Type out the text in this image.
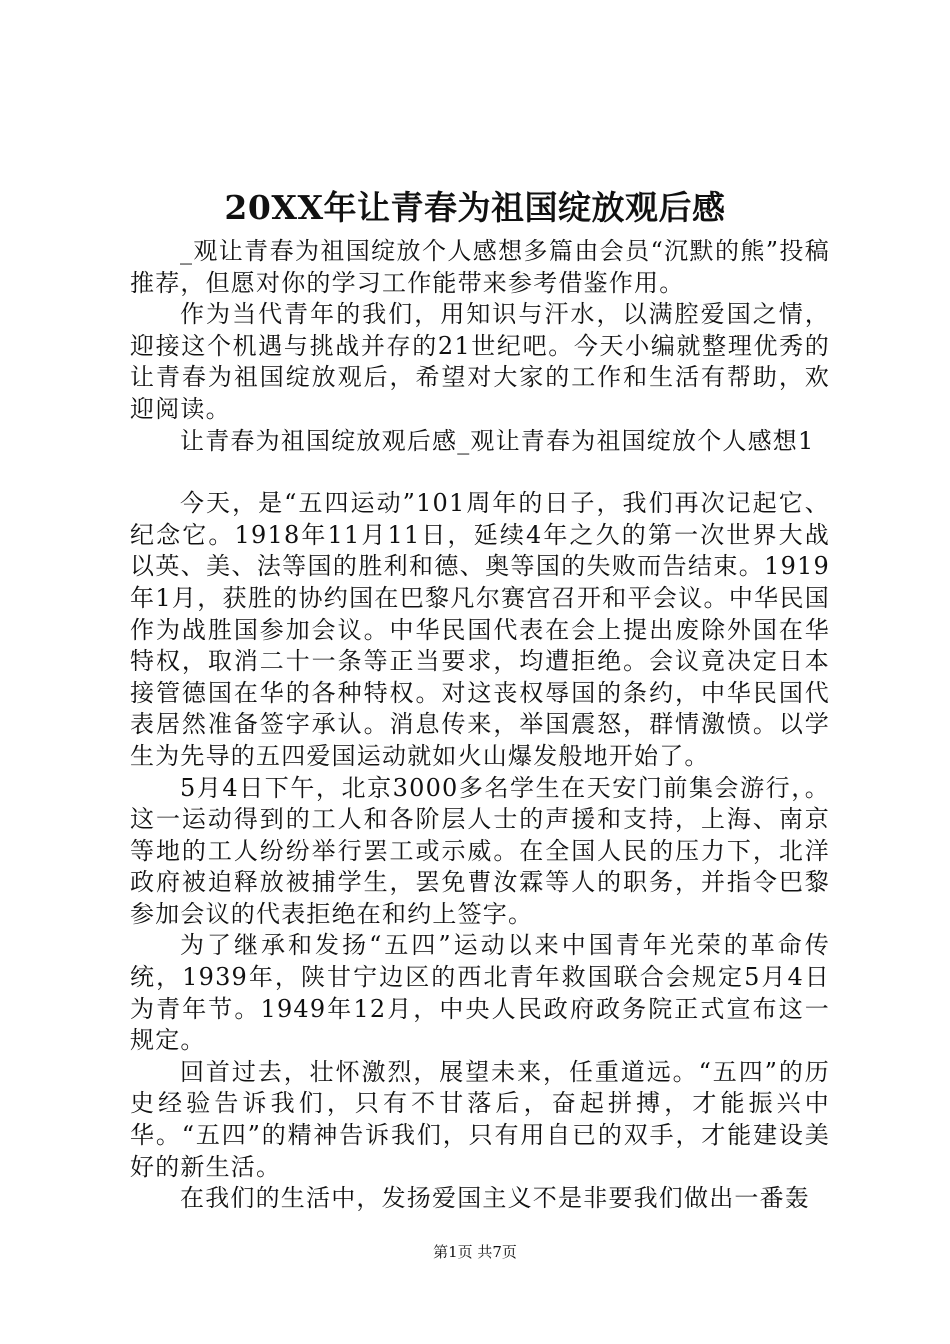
20XX年让青春为祖国绽放观后感

_观让青春为祖国绽放个人感想多篇由会员“沉默的熊”投稿推荐，但愿对你的学习工作能带来参考借鉴作用。

作为当代青年的我们，用知识与汗水，以满腔爱国之情，迎接这个机遇与挑战并存的21世纪吧。今天小编就整理优秀的让青春为祖国绽放观后，希望对大家的工作和生活有帮助，欢迎阅读。

让青春为祖国绽放观后感_观让青春为祖国绽放个人感想1

今天，是“五四运动”101周年的日子，我们再次记起它、纪念它。1918年11月11日，延续4年之久的第一次世界大战以英、美、法等国的胜利和德、奥等国的失败而告结束。1919年1月，获胜的协约国在巴黎凡尔赛宫召开和平会议。中华民国作为战胜国参加会议。中华民国代表在会上提出废除外国在华特权，取消二十一条等正当要求，均遭拒绝。会议竟决定日本接管德国在华的各种特权。对这丧权辱国的条约，中华民国代表居然准备签字承认。消息传来，举国震怒，群情激愤。以学生为先导的五四爱国运动就如火山爆发般地开始了。

5月4日下午，北京3000多名学生在天安门前集会游行，。这一运动得到的工人和各阶层人士的声援和支持，上海、南京等地的工人纷纷举行罢工或示威。在全国人民的压力下，北洋政府被迫释放被捕学生，罢免曹汝霖等人的职务，并指令巴黎参加会议的代表拒绝在和约上签字。

为了继承和发扬“五四”运动以来中国青年光荣的革命传统，1939年，陕甘宁边区的西北青年救国联合会规定5月4日为青年节。1949年12月，中央人民政府政务院正式宣布这一规定。

回首过去，壮怀激烈，展望未来，任重道远。“五四”的历史经验告诉我们，只有不甘落后，奋起拼搏，才能振兴中华。“五四”的精神告诉我们，只有用自已的双手，才能建设美好的新生活。

在我们的生活中，发扬爱国主义不是非要我们做出一番轰

第1页 共7页
